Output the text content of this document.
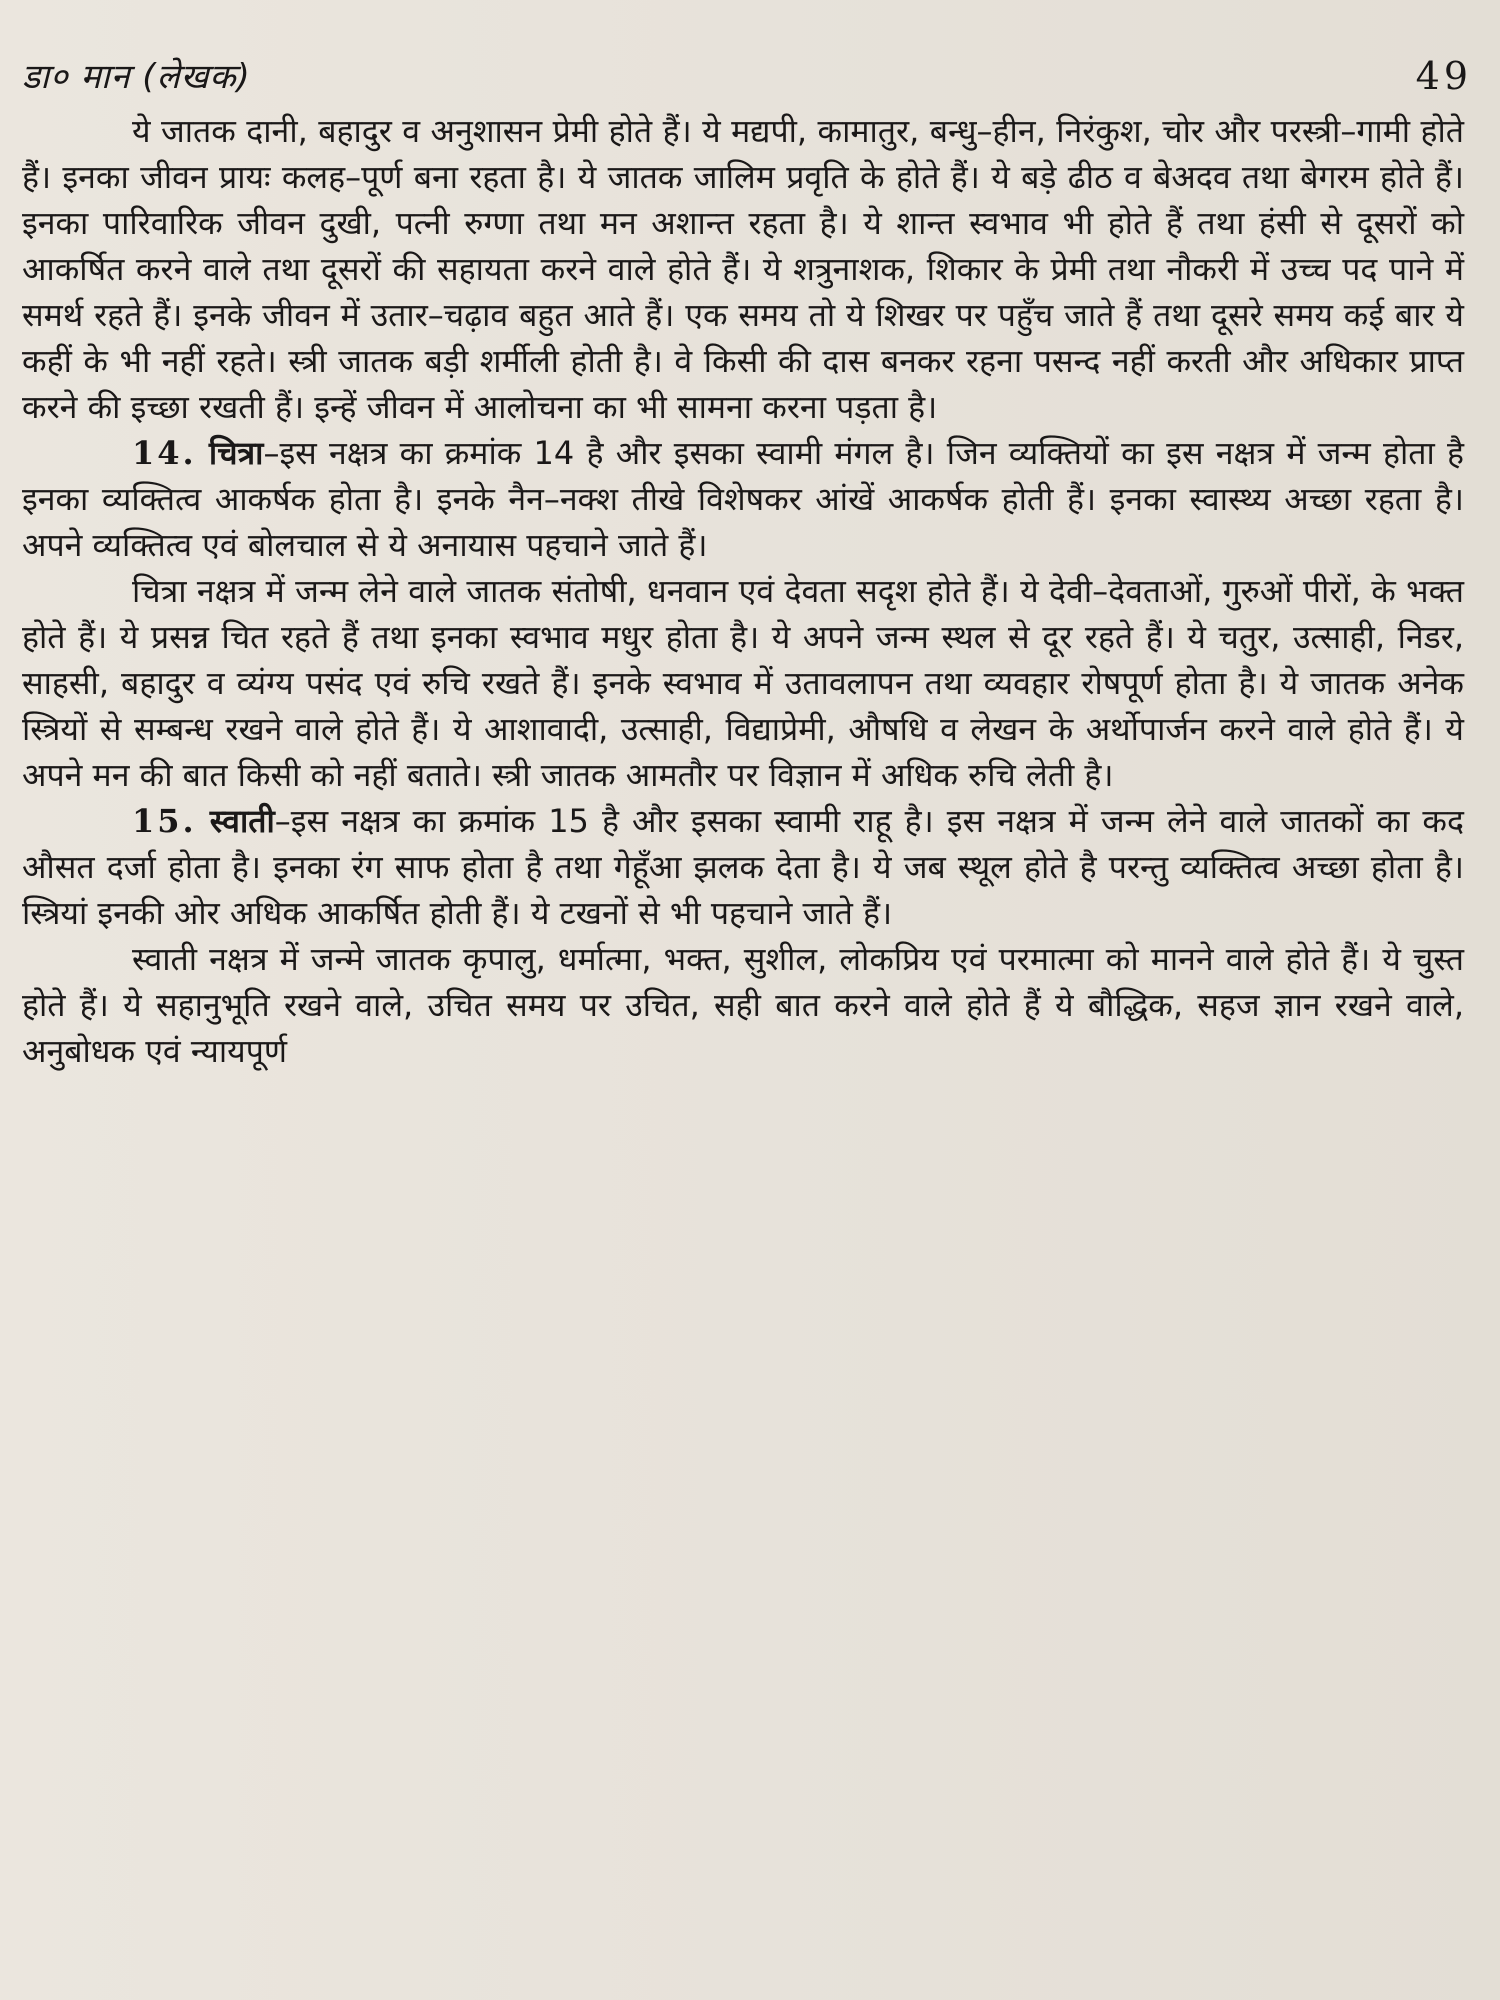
डा० मान (लेखक)	49

ये जातक दानी, बहादुर व अनुशासन प्रेमी होते हैं। ये मद्यपी, कामातुर, बन्धु–हीन, निरंकुश, चोर और परस्त्री–गामी होते हैं। इनका जीवन प्रायः कलह–पूर्ण बना रहता है। ये जातक जालिम प्रवृति के होते हैं। ये बड़े ढीठ व बेअदव तथा बेगरम होते हैं। इनका पारिवारिक जीवन दुखी, पत्नी रुग्णा तथा मन अशान्त रहता है। ये शान्त स्वभाव भी होते हैं तथा हंसी से दूसरों को आकर्षित करने वाले तथा दूसरों की सहायता करने वाले होते हैं। ये शत्रुनाशक, शिकार के प्रेमी तथा नौकरी में उच्च पद पाने में समर्थ रहते हैं। इनके जीवन में उतार–चढ़ाव बहुत आते हैं। एक समय तो ये शिखर पर पहुँच जाते हैं तथा दूसरे समय कई बार ये कहीं के भी नहीं रहते। स्त्री जातक बड़ी शर्मीली होती है। वे किसी की दास बनकर रहना पसन्द नहीं करती और अधिकार प्राप्त करने की इच्छा रखती हैं। इन्हें जीवन में आलोचना का भी सामना करना पड़ता है।

14. चित्रा–इस नक्षत्र का क्रमांक 14 है और इसका स्वामी मंगल है। जिन व्यक्तियों का इस नक्षत्र में जन्म होता है इनका व्यक्तित्व आकर्षक होता है। इनके नैन–नक्श तीखे विशेषकर आंखें आकर्षक होती हैं। इनका स्वास्थ्य अच्छा रहता है। अपने व्यक्तित्व एवं बोलचाल से ये अनायास पहचाने जाते हैं।

चित्रा नक्षत्र में जन्म लेने वाले जातक संतोषी, धनवान एवं देवता सदृश होते हैं। ये देवी–देवताओं, गुरुओं पीरों, के भक्त होते हैं। ये प्रसन्न चित रहते हैं तथा इनका स्वभाव मधुर होता है। ये अपने जन्म स्थल से दूर रहते हैं। ये चतुर, उत्साही, निडर, साहसी, बहादुर व व्यंग्य पसंद एवं रुचि रखते हैं। इनके स्वभाव में उतावलापन तथा व्यवहार रोषपूर्ण होता है। ये जातक अनेक स्त्रियों से सम्बन्ध रखने वाले होते हैं। ये आशावादी, उत्साही, विद्याप्रेमी, औषधि व लेखन के अर्थोपार्जन करने वाले होते हैं। ये अपने मन की बात किसी को नहीं बताते। स्त्री जातक आमतौर पर विज्ञान में अधिक रुचि लेती है।

15. स्वाती–इस नक्षत्र का क्रमांक 15 है और इसका स्वामी राहू है। इस नक्षत्र में जन्म लेने वाले जातकों का कद औसत दर्जा होता है। इनका रंग साफ होता है तथा गेहूँआ झलक देता है। ये जब स्थूल होते है परन्तु व्यक्तित्व अच्छा होता है। स्त्रियां इनकी ओर अधिक आकर्षित होती हैं। ये टखनों से भी पहचाने जाते हैं।

स्वाती नक्षत्र में जन्मे जातक कृपालु, धर्मात्मा, भक्त, सुशील, लोकप्रिय एवं परमात्मा को मानने वाले होते हैं। ये चुस्त होते हैं। ये सहानुभूति रखने वाले, उचित समय पर उचित, सही बात करने वाले होते हैं ये बौद्धिक, सहज ज्ञान रखने वाले, अनुबोधक एवं न्यायपूर्ण
